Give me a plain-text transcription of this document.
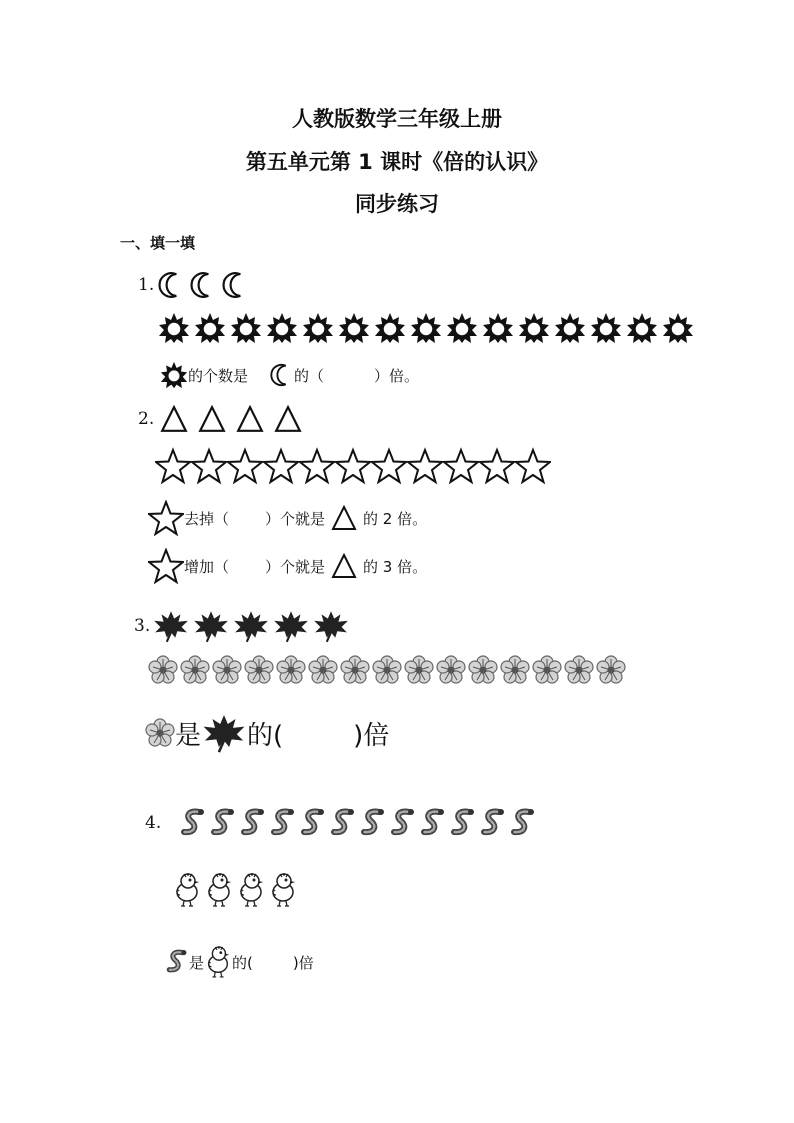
人教版数学三年级上册
第五单元第 1 课时《倍的认识》
同步练习
一、填一填
1.
的个数是	的（	）倍。
2.
去掉（ ）个就是	的 2 倍。
增加（ ）个就是	的 3 倍。
3.
是 的(	)倍
4.
是 的(	)倍
